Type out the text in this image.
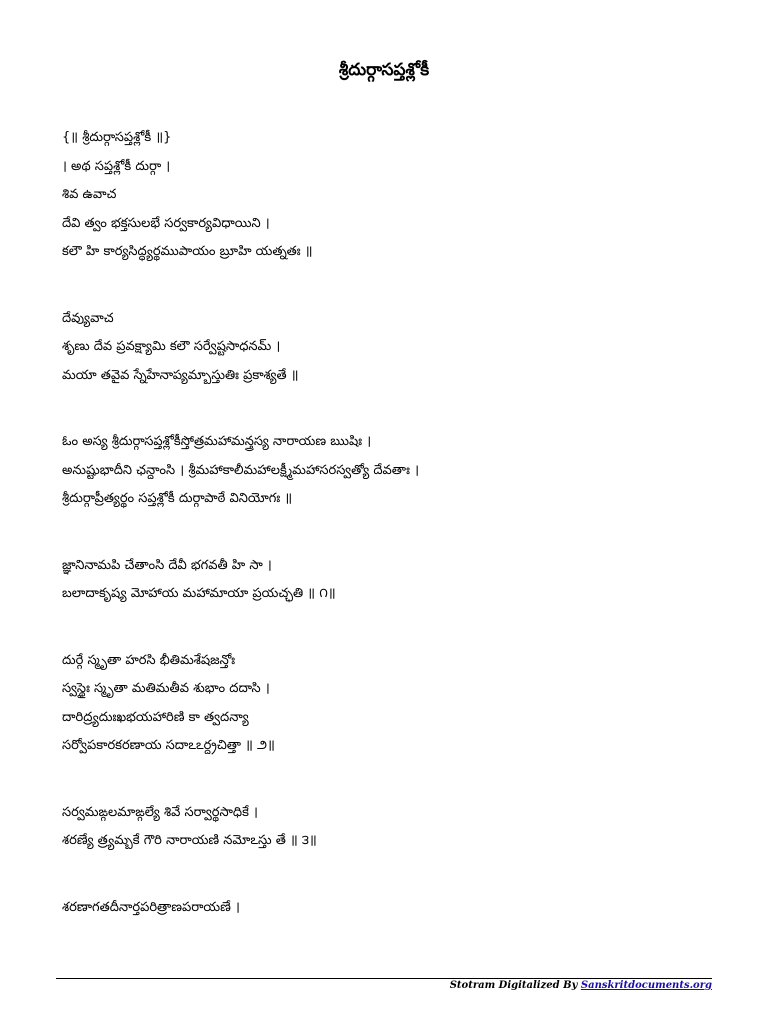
శ్రీదుర్గాసప్తశ్లోకీ

{॥ శ్రీదుర్గాసప్తశ్లోకీ ॥}

। అథ సప్తశ్లోకీ దుర్గా ।

శివ ఉవాచ

దేవి త్వం భక్తసులభే సర్వకార్యవిధాయిని ।

కలౌ హి కార్యసిద్ధ్యర్థముపాయం బ్రూహి యత్నతః ॥

దేవ్యువాచ

శృణు దేవ ప్రవక్ష్యామి కలౌ సర్వేష్టసాధనమ్ ।

మయా తవైవ స్నేహేనాప్యమ్బాస్తుతిః ప్రకాశ్యతే ॥

ఓం అస్య శ్రీదుర్గాసప్తశ్లోకీస్తోత్రమహామన్త్రస్య నారాయణ ఋషిః ।

అనుష్టుభాదీని ఛన్దాంసి । శ్రీమహాకాలీమహాలక్ష్మీమహాసరస్వత్యో దేవతాః ।

శ్రీదుర్గాప్రీత్యర్థం సప్తశ్లోకీ దుర్గాపాఠే వినియోగః ॥

జ్ఞానినామపి చేతాంసి దేవీ భగవతీ హి సా ।

బలాదాకృష్య మోహాయ మహామాయా ప్రయచ్ఛతి ॥ ౧॥

దుర్గే స్మృతా హరసి భీతిమశేషజన్తోః

స్వస్థైః స్మృతా మతిమతీవ శుభాం దదాసి ।

దారిద్ర్యదుఃఖభయహారిణి కా త్వదన్యా

సర్వోపకారకరణాయ సదాఽఽర్ద్రచిత్తా ॥ ౨॥

సర్వమఙ్గలమాఙ్గల్యే శివే సర్వార్థసాధికే ।

శరణ్యే త్ర్యమ్బకే గౌరి నారాయణి నమోఽస్తు తే ॥ ౩॥

శరణాగతదీనార్తపరిత్రాణపరాయణే ।

Stotram Digitalized By Sanskritdocuments.org
